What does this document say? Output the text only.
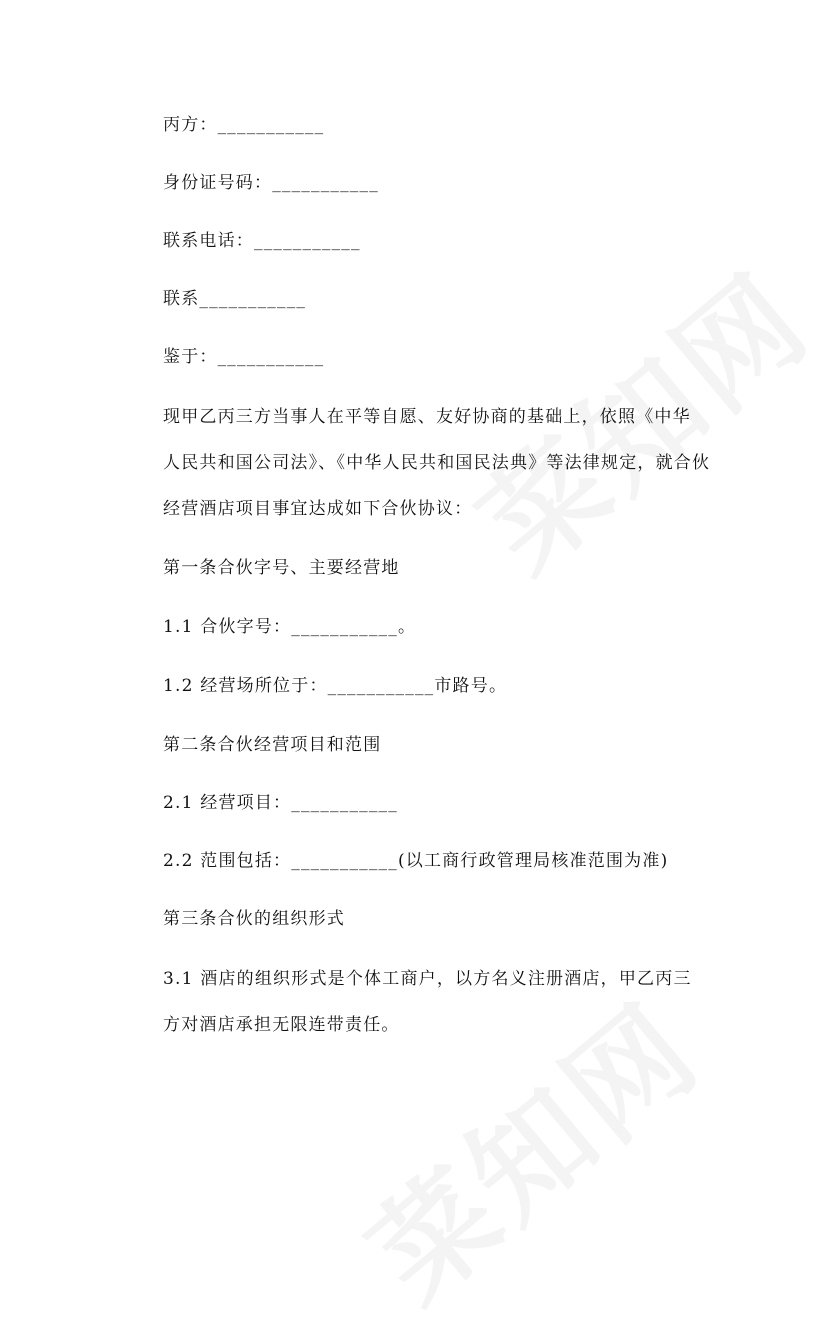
丙方：___________
身份证号码：___________
联系电话：___________
联系___________
鉴于：___________
现甲乙丙三方当事人在平等自愿、友好协商的基础上，依照《中华
人民共和国公司法》、《中华人民共和国民法典》等法律规定，就合伙
经营酒店项目事宜达成如下合伙协议：
第一条合伙字号、主要经营地
1.1 合伙字号：___________。
1.2 经营场所位于：___________市路号。
第二条合伙经营项目和范围
2.1 经营项目：___________
2.2 范围包括：___________(以工商行政管理局核准范围为准)
第三条合伙的组织形式
3.1 酒店的组织形式是个体工商户，以方名义注册酒店，甲乙丙三
方对酒店承担无限连带责任。
